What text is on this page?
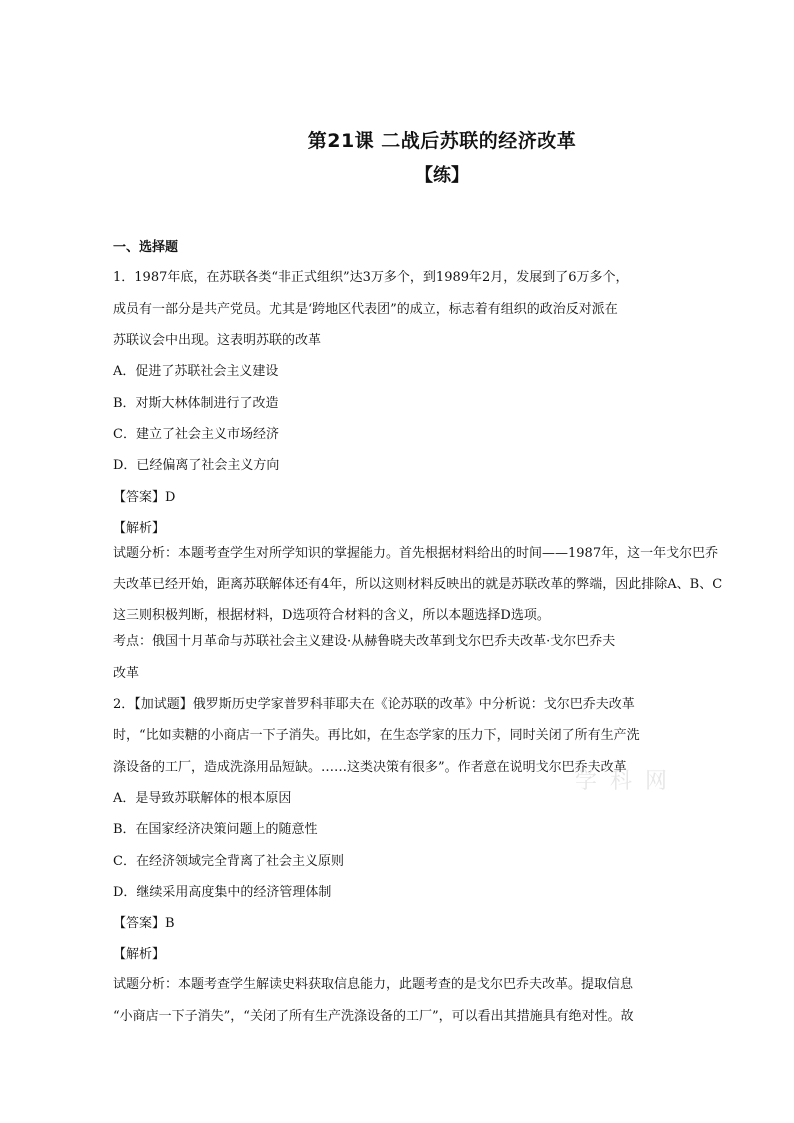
第21课 二战后苏联的经济改革
【练】
一、选择题
1．1987年底，在苏联各类“非正式组织”达3万多个，到1989年2月，发展到了6万多个，
成员有一部分是共产党员。尤其是‘跨地区代表团”的成立，标志着有组织的政治反对派在
苏联议会中出现。这表明苏联的改革
A．促进了苏联社会主义建设
B．对斯大林体制进行了改造
C．建立了社会主义市场经济
D．已经偏离了社会主义方向
【答案】D
【解析】
试题分析：本题考查学生对所学知识的掌握能力。首先根据材料给出的时间——1987年，这一年戈尔巴乔
夫改革已经开始，距离苏联解体还有4年，所以这则材料反映出的就是苏联改革的弊端，因此排除A、B、C
这三则积极判断，根据材料，D选项符合材料的含义，所以本题选择D选项。
考点：俄国十月革命与苏联社会主义建设·从赫鲁晓夫改革到戈尔巴乔夫改革·戈尔巴乔夫
改革
2．【加试题】俄罗斯历史学家普罗科菲耶夫在《论苏联的改革》中分析说：戈尔巴乔夫改革
时，“比如卖糖的小商店一下子消失。再比如，在生态学家的压力下，同时关闭了所有生产洗
涤设备的工厂，造成洗涤用品短缺。……这类决策有很多”。作者意在说明戈尔巴乔夫改革
A．是导致苏联解体的根本原因
B．在国家经济决策问题上的随意性
C．在经济领域完全背离了社会主义原则
D．继续采用高度集中的经济管理体制
【答案】B
【解析】
试题分析：本题考查学生解读史料获取信息能力，此题考查的是戈尔巴乔夫改革。提取信息
“小商店一下子消失”，“关闭了所有生产洗涤设备的工厂”，可以看出其措施具有绝对性。故
学 科 网
